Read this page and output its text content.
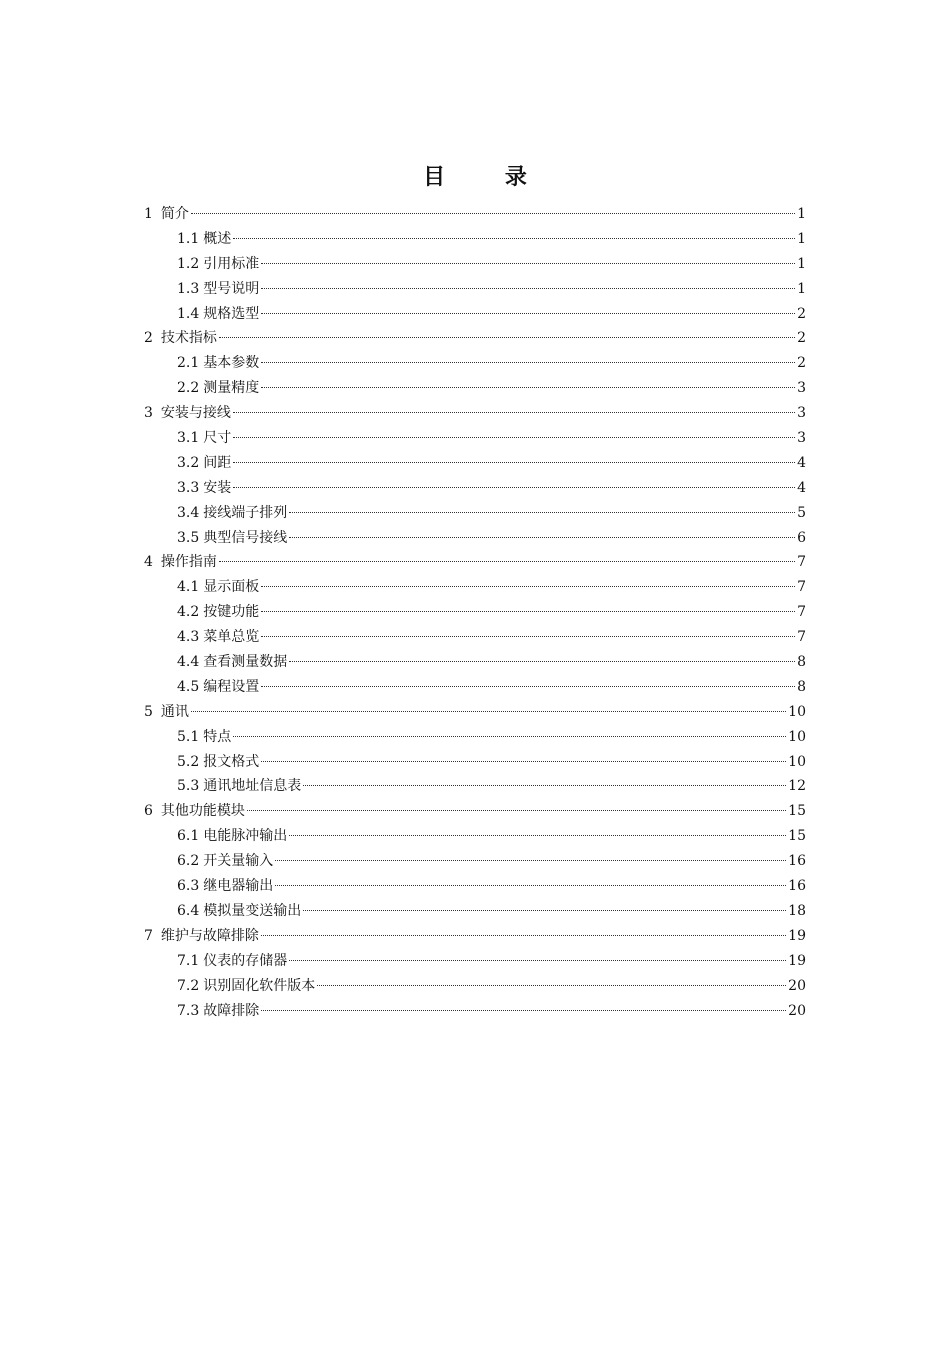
目 录
1 简介	1
1.1 概述	1
1.2 引用标准	1
1.3 型号说明	1
1.4 规格选型	2
2 技术指标	2
2.1 基本参数	2
2.2 测量精度	3
3 安装与接线	3
3.1 尺寸	3
3.2 间距	4
3.3 安装	4
3.4 接线端子排列	5
3.5 典型信号接线	6
4 操作指南	7
4.1 显示面板	7
4.2 按键功能	7
4.3 菜单总览	7
4.4 查看测量数据	8
4.5 编程设置	8
5 通讯	10
5.1 特点	10
5.2 报文格式	10
5.3 通讯地址信息表	12
6 其他功能模块	15
6.1 电能脉冲输出	15
6.2 开关量输入	16
6.3 继电器输出	16
6.4 模拟量变送输出	18
7 维护与故障排除	19
7.1 仪表的存储器	19
7.2 识别固化软件版本	20
7.3 故障排除	20
